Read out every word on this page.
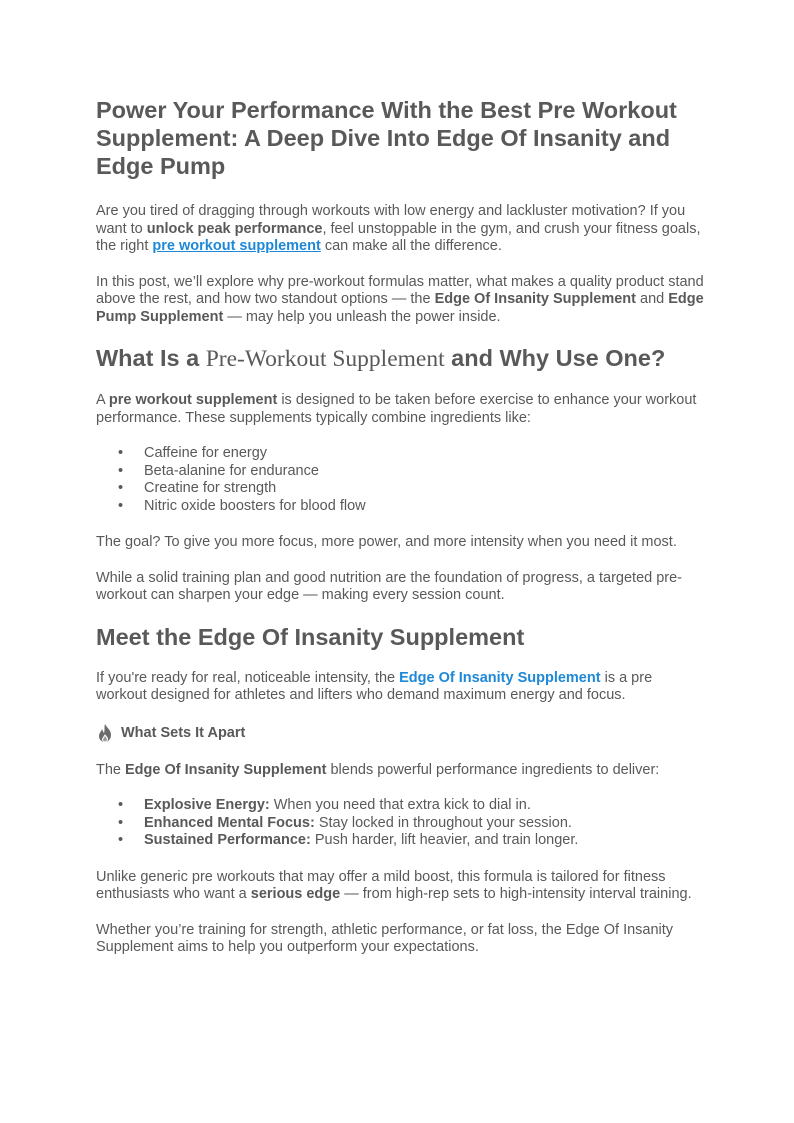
Power Your Performance With the Best Pre Workout Supplement: A Deep Dive Into Edge Of Insanity and Edge Pump

Are you tired of dragging through workouts with low energy and lackluster motivation? If you want to unlock peak performance, feel unstoppable in the gym, and crush your fitness goals, the right pre workout supplement can make all the difference.

In this post, we’ll explore why pre-workout formulas matter, what makes a quality product stand above the rest, and how two standout options — the Edge Of Insanity Supplement and Edge Pump Supplement — may help you unleash the power inside.

What Is a Pre-Workout Supplement and Why Use One?

A pre workout supplement is designed to be taken before exercise to enhance your workout performance. These supplements typically combine ingredients like:

• Caffeine for energy
• Beta-alanine for endurance
• Creatine for strength
• Nitric oxide boosters for blood flow

The goal? To give you more focus, more power, and more intensity when you need it most.

While a solid training plan and good nutrition are the foundation of progress, a targeted pre-workout can sharpen your edge — making every session count.

Meet the Edge Of Insanity Supplement

If you're ready for real, noticeable intensity, the Edge Of Insanity Supplement is a pre workout designed for athletes and lifters who demand maximum energy and focus.

What Sets It Apart

The Edge Of Insanity Supplement blends powerful performance ingredients to deliver:

• Explosive Energy: When you need that extra kick to dial in.
• Enhanced Mental Focus: Stay locked in throughout your session.
• Sustained Performance: Push harder, lift heavier, and train longer.

Unlike generic pre workouts that may offer a mild boost, this formula is tailored for fitness enthusiasts who want a serious edge — from high-rep sets to high-intensity interval training.

Whether you’re training for strength, athletic performance, or fat loss, the Edge Of Insanity Supplement aims to help you outperform your expectations.
